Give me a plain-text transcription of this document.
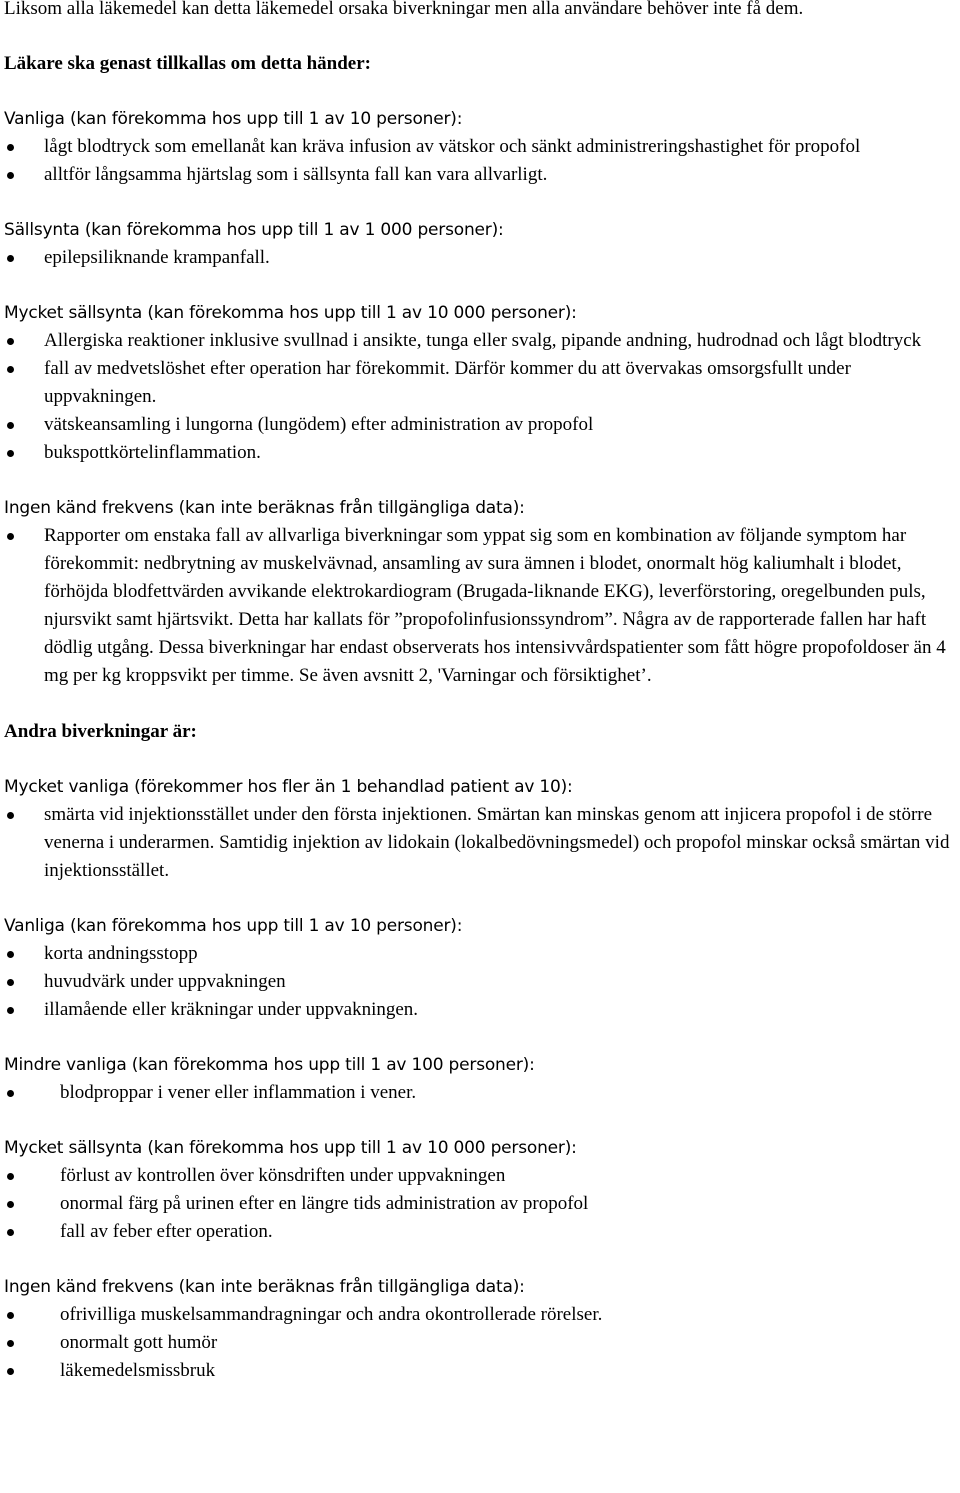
Liksom alla läkemedel kan detta läkemedel orsaka biverkningar men alla användare behöver inte få dem.

Läkare ska genast tillkallas om detta händer:

Vanliga (kan förekomma hos upp till 1 av 10 personer):

lågt blodtryck som emellanåt kan kräva infusion av vätskor och sänkt administreringshastighet för propofol
alltför långsamma hjärtslag som i sällsynta fall kan vara allvarligt.

Sällsynta (kan förekomma hos upp till 1 av 1 000 personer):

epilepsiliknande krampanfall.

Mycket sällsynta (kan förekomma hos upp till 1 av 10 000 personer):

Allergiska reaktioner inklusive svullnad i ansikte, tunga eller svalg, pipande andning, hudrodnad och lågt blodtryck
fall av medvetslöshet efter operation har förekommit. Därför kommer du att övervakas omsorgsfullt under uppvakningen.
vätskeansamling i lungorna (lungödem) efter administration av propofol
bukspottkörtelinflammation.

Ingen känd frekvens (kan inte beräknas från tillgängliga data):

Rapporter om enstaka fall av allvarliga biverkningar som yppat sig som en kombination av följande symptom har förekommit: nedbrytning av muskelvävnad, ansamling av sura ämnen i blodet, onormalt hög kaliumhalt i blodet, förhöjda blodfettvärden avvikande elektrokardiogram (Brugada-liknande EKG), leverförstoring, oregelbunden puls, njursvikt samt hjärtsvikt. Detta har kallats för ”propofolinfusionssyndrom”. Några av de rapporterade fallen har haft dödlig utgång. Dessa biverkningar har endast observerats hos intensivvårdspatienter som fått högre propofoldoser än 4 mg per kg kroppsvikt per timme. Se även avsnitt 2, 'Varningar och försiktighet’.

Andra biverkningar är:

Mycket vanliga (förekommer hos fler än 1 behandlad patient av 10):

smärta vid injektionsstället under den första injektionen. Smärtan kan minskas genom att injicera propofol i de större venerna i underarmen. Samtidig injektion av lidokain (lokalbedövningsmedel) och propofol minskar också smärtan vid injektionsstället.

Vanliga (kan förekomma hos upp till 1 av 10 personer):

korta andningsstopp
huvudvärk under uppvakningen
illamående eller kräkningar under uppvakningen.

Mindre vanliga (kan förekomma hos upp till 1 av 100 personer):

blodproppar i vener eller inflammation i vener.

Mycket sällsynta (kan förekomma hos upp till 1 av 10 000 personer):

förlust av kontrollen över könsdriften under uppvakningen
onormal färg på urinen efter en längre tids administration av propofol
fall av feber efter operation.

Ingen känd frekvens (kan inte beräknas från tillgängliga data):

ofrivilliga muskelsammandragningar och andra okontrollerade rörelser.
onormalt gott humör
läkemedelsmissbruk
